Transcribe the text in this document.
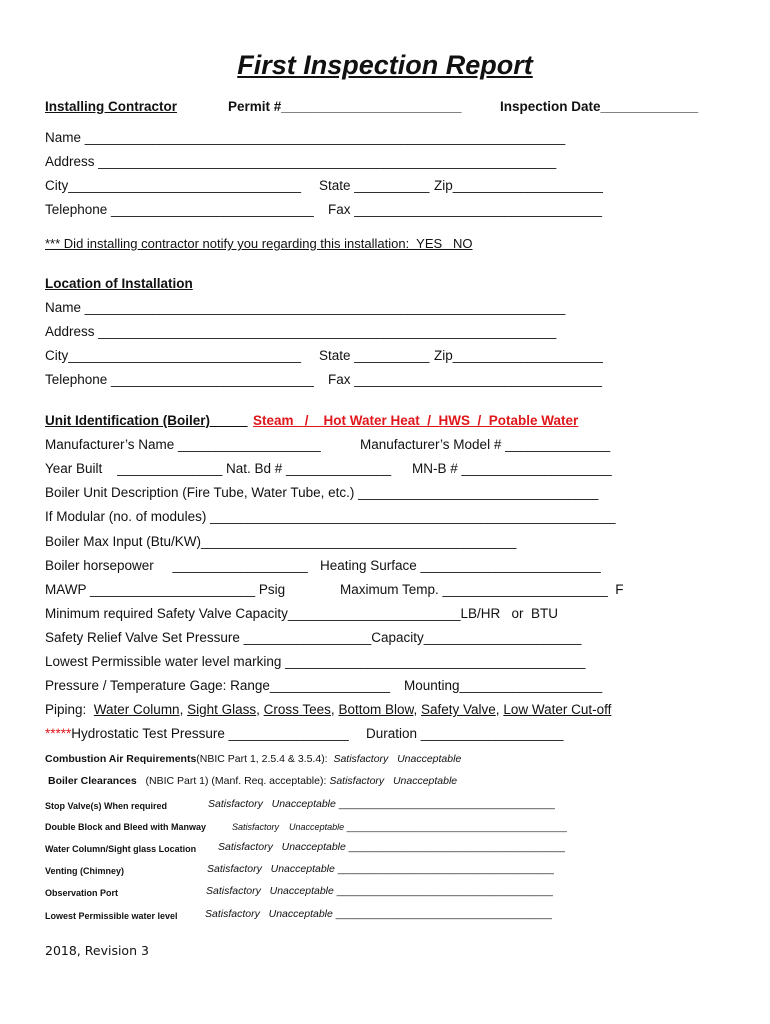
First Inspection Report
Installing Contractor	Permit #________________________	Inspection Date_____________
Name ________________________________________________________________
Address _____________________________________________________________
City_______________________________ State __________ Zip____________________
Telephone ___________________________ Fax _________________________________
*** Did installing contractor notify you regarding this installation:  YES   NO
Location of Installation
Name ________________________________________________________________
Address _____________________________________________________________
City_______________________________ State __________ Zip____________________
Telephone ___________________________ Fax _________________________________
Unit Identification (Boiler)_____ Steam   /    Hot Water Heat  /  HWS  /  Potable Water
Manufacturer’s Name ___________________	Manufacturer’s Model # ______________
Year Built    ______________ Nat. Bd # ______________ MN-B # ____________________
Boiler Unit Description (Fire Tube, Water Tube, etc.) ________________________________
If Modular (no. of modules) ______________________________________________________
Boiler Max Input (Btu/KW)__________________________________________
Boiler horsepower     __________________ Heating Surface ________________________
MAWP ______________________ Psig	Maximum Temp. ______________________  F
Minimum required Safety Valve Capacity_______________________LB/HR   or  BTU
Safety Relief Valve Set Pressure _________________Capacity_____________________
Lowest Permissible water level marking ________________________________________
Pressure / Temperature Gage: Range________________ Mounting___________________
Piping: Water Column, Sight Glass, Cross Tees, Bottom Blow, Safety Valve, Low Water Cut-off
*****Hydrostatic Test Pressure ________________ Duration ___________________
Combustion Air Requirements(NBIC Part 1, 2.5.4 & 3.5.4): Satisfactory Unacceptable
Boiler Clearances (NBIC Part 1) (Manf. Req. acceptable): Satisfactory Unacceptable
Stop Valve(s) When required	Satisfactory Unacceptable _____________________________________
Double Block and Bleed with Manway	Satisfactory Unacceptable ____________________________________________
Water Column/Sight glass Location Satisfactory Unacceptable _____________________________________
Venting (Chimney)	Satisfactory Unacceptable _____________________________________
Observation Port	Satisfactory Unacceptable _____________________________________
Lowest Permissible water level	Satisfactory Unacceptable _____________________________________
2018, Revision 3
